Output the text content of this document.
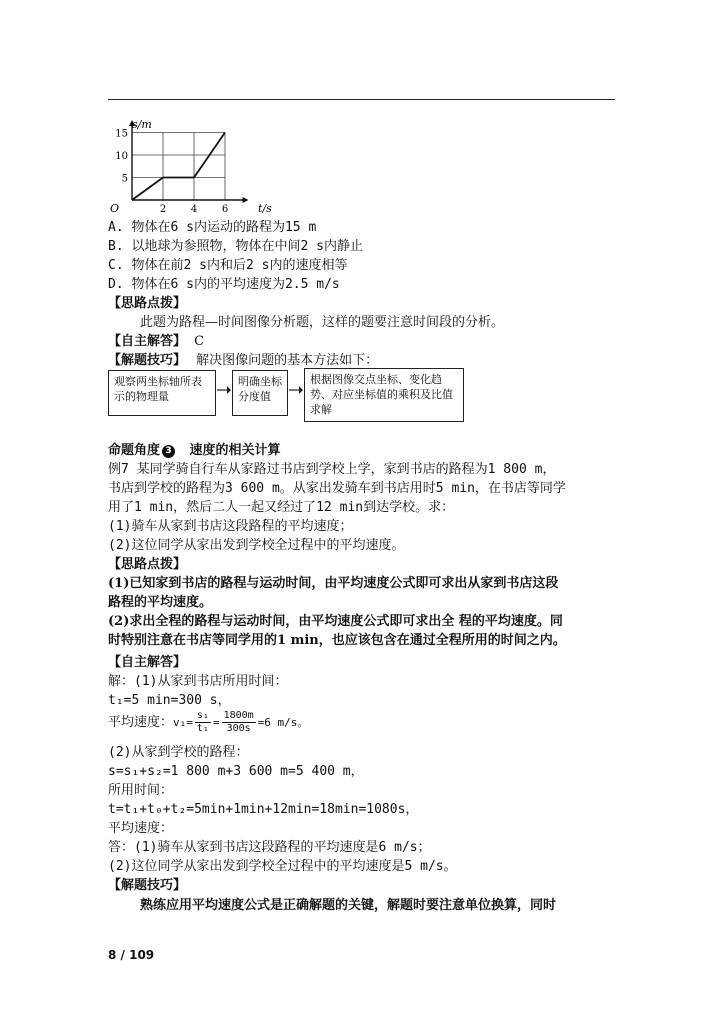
s/m
t/s
O	2 4 6
5
10
15
A. 物体在6 s内运动的路程为15 m
B. 以地球为参照物，物体在中间2 s内静止
C. 物体在前2 s内和后2 s内的速度相等
D. 物体在6 s内的平均速度为2.5 m/s
【思路点拨】
此题为路程—时间图像分析题，这样的题要注意时间段的分析。
【自主解答】 C
【解题技巧】 解决图像问题的基本方法如下：
观察两坐标轴所表示的物理量
明确坐标分度值
根据图像交点坐标、变化趋势、对应坐标值的乘积及比值求解
命题角度 3 速度的相关计算
例7 某同学骑自行车从家路过书店到学校上学，家到书店的路程为1 800 m，
书店到学校的路程为3 600 m。从家出发骑车到书店用时5 min，在书店等同学
用了1 min，然后二人一起又经过了12 min到达学校。求：
(1)骑车从家到书店这段路程的平均速度；
(2)这位同学从家出发到学校全过程中的平均速度。
【思路点拨】
(1)已知家到书店的路程与运动时间，由平均速度公式即可求出从家到书店这段
路程的平均速度。
(2)求出全程的路程与运动时间，由平均速度公式即可求出全 程的平均速度。同
时特别注意在书店等同学用的1 min，也应该包含在通过全程所用的时间之内。
【自主解答】
解：(1)从家到书店所用时间：
t₁=5 min=300 s，
平均速度：$v_1= \frac{\text{s₁}}{\text{t₁}} = \frac{1800m}{300s} =6$ m/s。
(2)从家到学校的路程：
s=s₁+s₂=1 800 m+3 600 m=5 400 m，
所用时间：
t=t₁+t₀+t₂=5min+1min+12min=18min=1080s，
平均速度：
答：(1)骑车从家到书店这段路程的平均速度是6 m/s；
(2)这位同学从家出发到学校全过程中的平均速度是5 m/s。
【解题技巧】
熟练应用平均速度公式是正确解题的关键，解题时要注意单位换算，同时
8 / 109
